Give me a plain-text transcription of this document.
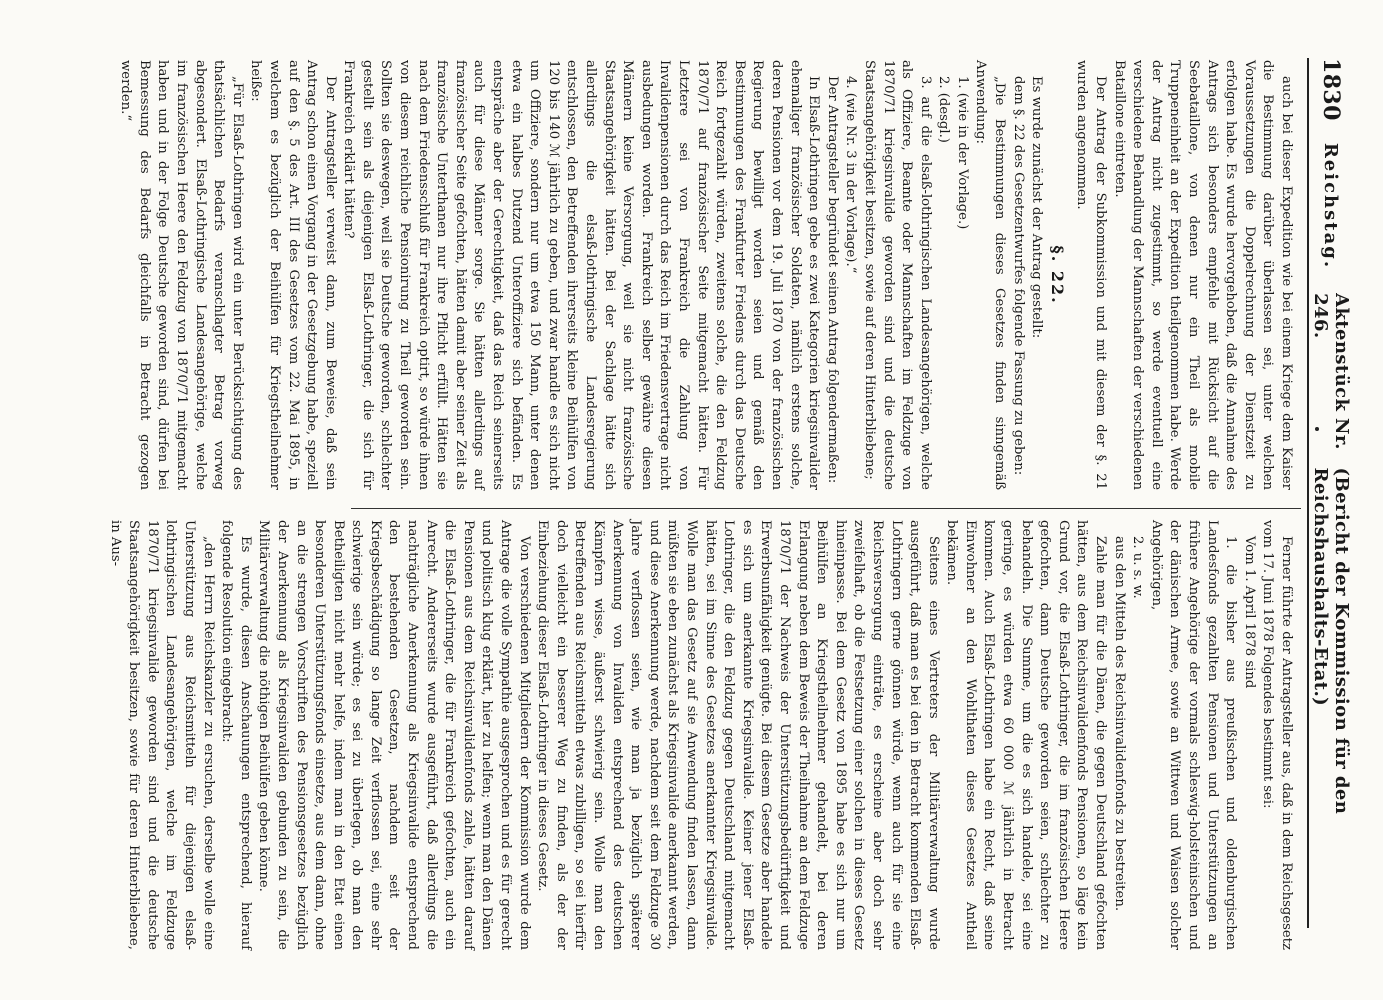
1830
Reichstag.
Aktenstück Nr. 246.
(Bericht der Kommission für den Reichshaushalts-Etat.)

auch bei dieser Expedition wie bei einem Kriege dem Kaiser die Bestimmung darüber überlassen sei, unter welchen Voraussetzungen die Doppelrechnung der Dienstzeit zu erfolgen habe. Es wurde hervorgehoben, daß die Annahme des Antrags sich besonders empfehle mit Rücksicht auf die Seebataillone, von denen nur ein Theil als mobile Truppeneinheit an der Expedition theilgenommen habe. Werde der Antrag nicht zugestimmt, so werde eventuell eine verschiedene Behandlung der Mannschaften der verschiedenen Bataillone eintreten.

Der Antrag der Subkommission und mit diesem der §. 21 wurden angenommen.

§. 22.

Es wurde zunächst der Antrag gestellt:

dem §. 22 des Gesetzentwurfes folgende Fassung zu geben:

„Die Bestimmungen dieses Gesetzes finden sinngemäß Anwendung:

1. (wie in der Vorlage.)

2. (desgl.)

3. auf die elsaß-lothringischen Landesangehörigen, welche als Offiziere, Beamte oder Mannschaften im Feldzuge von 1870/71 kriegsinvalide geworden sind und die deutsche Staatsangehörigkeit besitzen, sowie auf deren Hinterbliebene;

4. (wie Nr. 3 in der Vorlage).“

Der Antragsteller begründet seinen Antrag folgendermaßen:

In Elsaß-Lothringen gebe es zwei Kategorien kriegsinvalider ehemaliger französischer Soldaten, nämlich erstens solche, deren Pensionen vor dem 19. Juli 1870 von der französischen Regierung bewilligt worden seien und gemäß den Bestimmungen des Frankfurter Friedens durch das Deutsche Reich fortgezahlt würden, zweitens solche, die den Feldzug 1870/71 auf französischer Seite mitgemacht hätten. Für Letztere sei von Frankreich die Zahlung von Invalidenpensionen durch das Reich im Friedensvertrage nicht ausbedungen worden. Frankreich selber gewähre diesen Männern keine Versorgung, weil sie nicht französische Staatsangehörigkeit hätten. Bei der Sachlage hätte sich allerdings die elsaß-lothringische Landesregierung entschlossen, den Betreffenden ihrerseits kleine Beihülfen von 120 bis 140 ℳ jährlich zu geben, und zwar handle es sich nicht um Offiziere, sondern nur um etwa 150 Mann, unter denen etwa ein halbes Dutzend Unteroffiziere sich befänden. Es entspräche aber der Gerechtigkeit, daß das Reich seinerseits auch für diese Männer sorge. Sie hätten allerdings auf französischer Seite gefochten, hätten damit aber seiner Zeit als französische Unterthanen nur ihre Pflicht erfüllt. Hätten sie nach dem Friedensschluß für Frankreich optirt, so würde ihnen von diesem reichliche Pensionirung zu Theil geworden sein. Sollten sie deswegen, weil sie Deutsche geworden, schlechter gestellt sein als diejenigen Elsaß-Lothringer, die sich für Frankreich erklärt hätten?

Der Antragsteller verweist dann, zum Beweise, daß sein Antrag schon einen Vorgang in der Gesetzgebung habe, speziell auf den §. 5 des Art. III des Gesetzes vom 22. Mai 1895, in welchem es bezüglich der Beihülfen für Kriegstheilnehmer heiße:

„Für Elsaß-Lothringen wird ein unter Berücksichtigung des thatsächlichen Bedarfs veranschlagter Betrag vorweg abgesondert. Elsaß-Lothringische Landesangehörige, welche im französischen Heere den Feldzug von 1870/71 mitgemacht haben und in der Folge Deutsche geworden sind, dürfen bei Bemessung des Bedarfs gleichfalls in Betracht gezogen werden.“

Ferner führte der Antragsteller aus, daß in dem Reichsgesetz vom 17. Juni 1878 Folgendes bestimmt sei:

Vom 1. April 1878 sind

1. die bisher aus preußischen und oldenburgischen Landesfonds gezahlten Pensionen und Unterstützungen an frühere Angehörige der vormals schleswig-holsteinischen und der dänischen Armee, sowie an Wittwen und Waisen solcher Angehörigen,

2. u. s. w.

aus den Mitteln des Reichsinvalidenfonds zu bestreiten.

Zahle man für die Dänen, die gegen Deutschland gefochten hätten, aus dem Reichsinvalidenfonds Pensionen, so läge kein Grund vor, die Elsaß-Lothringer, die im französischen Heere gefochten, dann Deutsche geworden seien, schlechter zu behandeln. Die Summe, um die es sich handele, sei eine geringe, es würden etwa 60 000 ℳ jährlich in Betracht kommen. Auch Elsaß-Lothringen habe ein Recht, daß seine Einwohner an den Wohlthaten dieses Gesetzes Antheil bekämen.

Seitens eines Vertreters der Militärverwaltung wurde ausgeführt, daß man es bei den in Betracht kommenden Elsaß-Lothringern gerne gönnen würde, wenn auch für sie eine Reichsversorgung einträte, es erscheine aber doch sehr zweifelhaft, ob die Festsetzung einer solchen in dieses Gesetz hineinpasse. Bei dem Gesetz von 1895 habe es sich nur um Beihülfen an Kriegstheilnehmer gehandelt, bei deren Erlangung neben dem Beweis der Theilnahme an dem Feldzuge 1870/71 der Nachweis der Unterstützungsbedürftigkeit und Erwerbsunfähigkeit genügte. Bei diesem Gesetze aber handele es sich um anerkannte Kriegsinvalide. Keiner jener Elsaß-Lothringer, die den Feldzug gegen Deutschland mitgemacht hätten, sei im Sinne des Gesetzes anerkannter Kriegsinvalide. Wolle man das Gesetz auf sie Anwendung finden lassen, dann müßten sie eben zunächst als Kriegsinvalide anerkannt werden, und diese Anerkennung werde, nachdem seit dem Feldzuge 30 Jahre verflossen seien, wie man ja bezüglich späterer Anerkennung von Invaliden entsprechend des deutschen Kämpfern wisse, äußerst schwierig sein. Wolle man den Betreffenden aus Reichsmitteln etwas zubilligen, so sei hierfür doch vielleicht ein besserer Weg zu finden, als der der Einbeziehung dieser Elsaß-Lothringer in dieses Gesetz.

Von verschiedenen Mitgliedern der Kommission wurde dem Antrage die volle Sympathie ausgesprochen und es für gerecht und politisch klug erklärt, hier zu helfen; wenn man den Dänen Pensionen aus dem Reichsinvalidenfonds zahle, hätten darauf die Elsaß-Lothringer, die für Frankreich gefochten, auch ein Anrecht. Andererseits wurde ausgeführt, daß allerdings die nachträgliche Anerkennung als Kriegsinvalide entsprechend den bestehenden Gesetzen, nachdem seit der Kriegsbeschädigung so lange Zeit verflossen sei, eine sehr schwierige sein würde; es sei zu überlegen, ob man den Betheiligten nicht mehr helfe, indem man in den Etat einen besonderen Unterstützungsfonds einsetze, aus dem dann, ohne an die strengen Vorschriften des Pensionsgesetzes bezüglich der Anerkennung als Kriegsinvaliden gebunden zu sein, die Militärverwaltung die nöthigen Beihülfen geben könne.

Es wurde, diesen Anschauungen entsprechend, hierauf folgende Resolution eingebracht:

„den Herrn Reichskanzler zu ersuchen, derselbe wolle eine Unterstützung aus Reichsmitteln für diejenigen elsaß-lothringischen Landesangehörigen, welche im Feldzuge 1870/71 kriegsinvalide geworden sind und die deutsche Staatsangehörigkeit besitzen, sowie für deren Hinterbliebene, in Aus-
